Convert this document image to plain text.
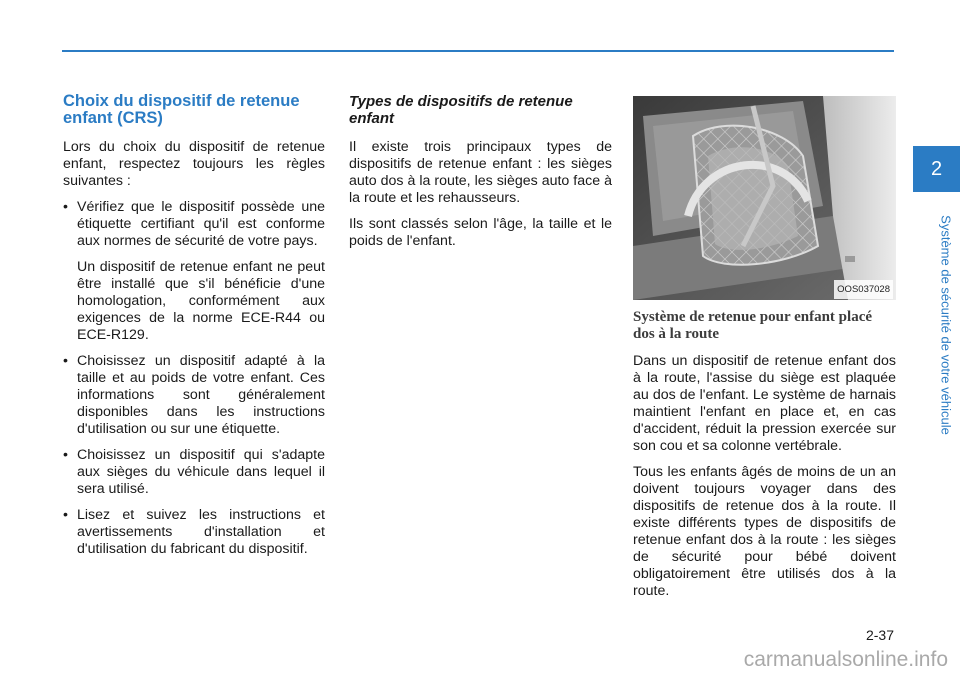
Choix du dispositif de retenue enfant (CRS)

Lors du choix du dispositif de retenue enfant, respectez toujours les règles suivantes :

• Vérifiez que le dispositif possède une étiquette certifiant qu'il est conforme aux normes de sécurité de votre pays.

Un dispositif de retenue enfant ne peut être installé que s'il bénéficie d'une homologation, conformément aux exigences de la norme ECE-R44 ou ECE-R129.

• Choisissez un dispositif adapté à la taille et au poids de votre enfant. Ces informations sont généralement disponibles dans les instructions d'utilisation ou sur une étiquette.

• Choisissez un dispositif qui s'adapte aux sièges du véhicule dans lequel il sera utilisé.

• Lisez et suivez les instructions et avertissements d'installation et d'utilisation du fabricant du dispositif.

Types de dispositifs de retenue enfant

Il existe trois principaux types de dispositifs de retenue enfant : les sièges auto dos à la route, les sièges auto face à la route et les rehausseurs.

Ils sont classés selon l'âge, la taille et le poids de l'enfant.

OOS037028
Système de retenue pour enfant placé dos à la route

Dans un dispositif de retenue enfant dos à la route, l'assise du siège est plaquée au dos de l'enfant. Le système de harnais maintient l'enfant en place et, en cas d'accident, réduit la pression exercée sur son cou et sa colonne vertébrale.

Tous les enfants âgés de moins de un an doivent toujours voyager dans des dispositifs de retenue dos à la route. Il existe différents types de dispositifs de retenue enfant dos à la route : les sièges de sécurité pour bébé doivent obligatoirement être utilisés dos à la route.

2
Système de sécurité de votre véhicule
2-37
carmanualsonline.info
